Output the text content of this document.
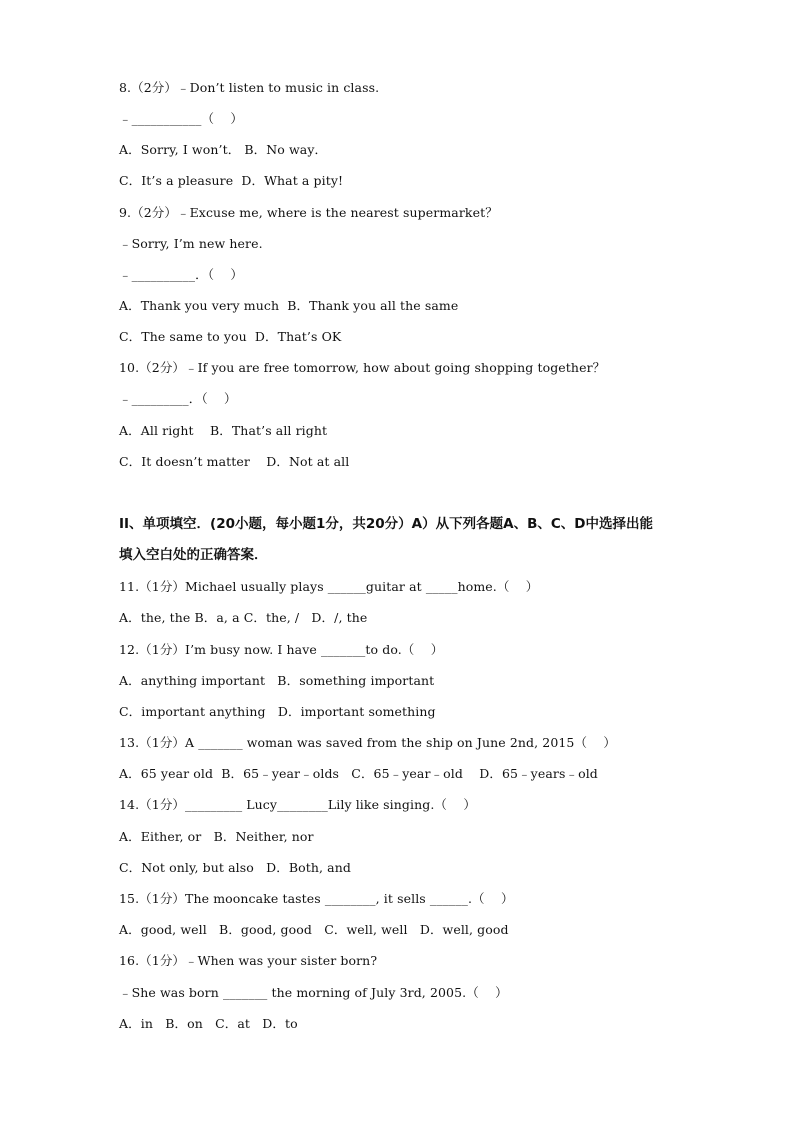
8.（2分）﹣Don’t listen to music in class.
﹣___________（    ）
A．Sorry, I won’t． B．No way．
C．It’s a pleasure  D．What a pity!
9.（2分）﹣Excuse me, where is the nearest supermarket？
﹣Sorry, I’m new here.
﹣__________．（    ）
A．Thank you very much  B．Thank you all the same
C．The same to you  D．That’s OK
10.（2分）﹣If you are free tomorrow, how about going shopping together？
﹣_________．（    ）
A．All right    B．That’s all right
C．It doesn’t matter    D．Not at all
II、单项填空．(20小题，每小题1分，共20分）A）从下列各题A、B、C、D中选择出能
填入空白处的正确答案．
11.（1分）Michael usually plays ______guitar at _____home.（    ）
A．the, the B．a, a C．the, /   D．/, the
12.（1分）I’m busy now. I have _______to do.（    ）
A．anything important   B．something important
C．important anything   D．important something
13.（1分）A _______ woman was saved from the ship on June 2nd, 2015（    ）
A．65 year old  B．65﹣year﹣olds   C．65﹣year﹣old    D．65﹣years﹣old
14.（1分）_________ Lucy________Lily like singing.（    ）
A．Either, or   B．Neither, nor
C．Not only, but also   D．Both, and
15.（1分）The mooncake tastes ________, it sells ______.（    ）
A．good, well   B．good, good   C．well, well   D．well, good
16.（1分）﹣When was your sister born?
﹣She was born _______ the morning of July 3rd, 2005.（    ）
A．in   B．on   C．at   D．to
